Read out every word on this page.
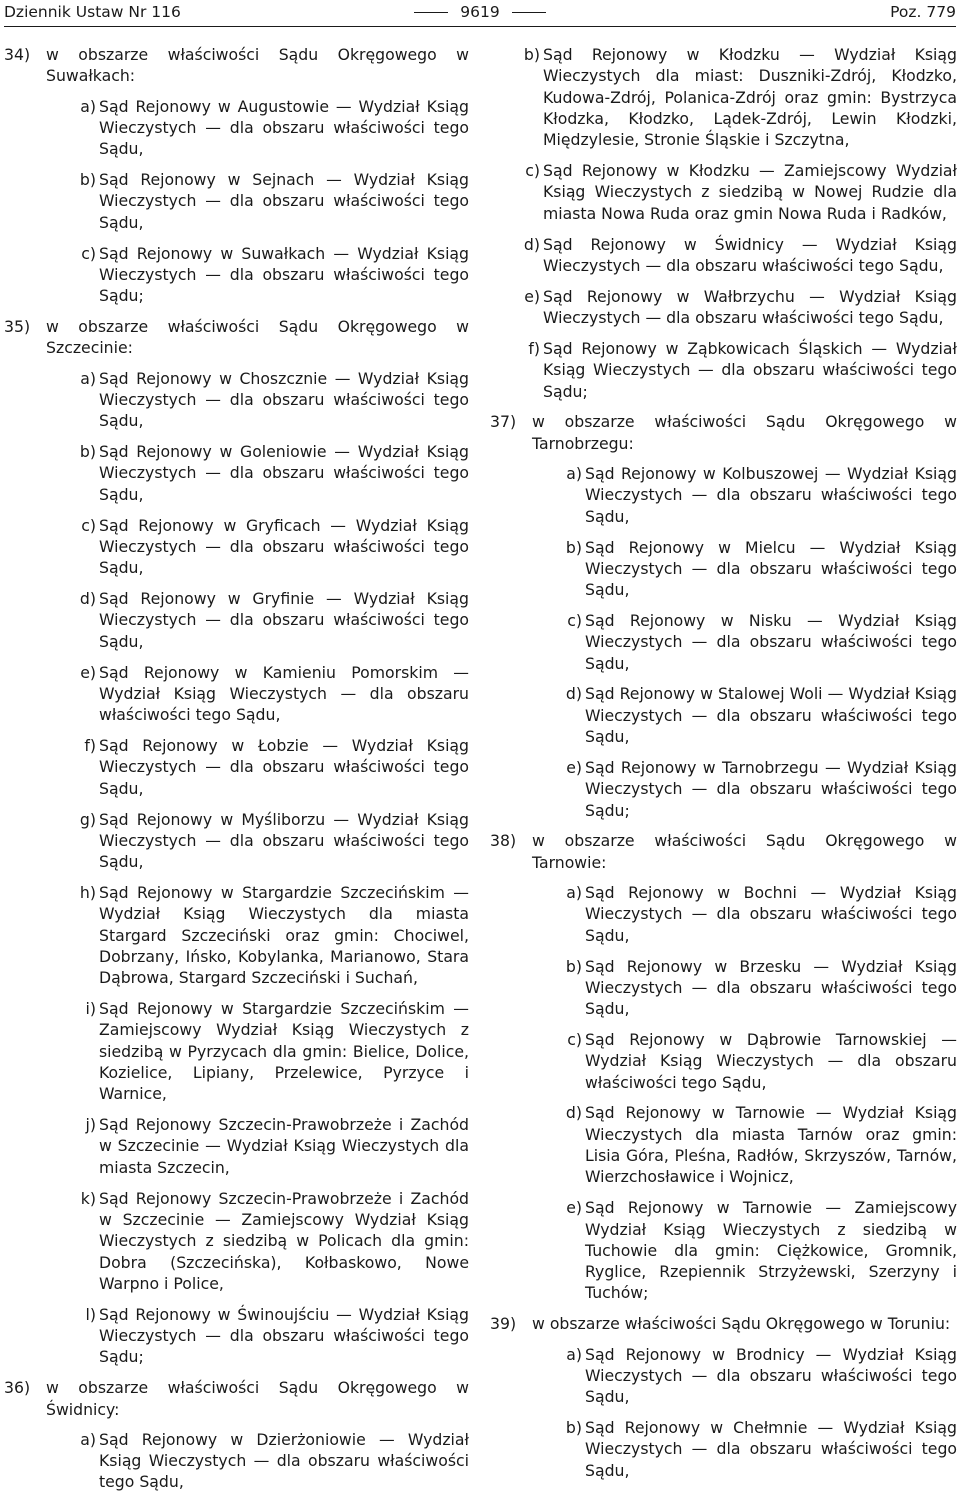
Dziennik Ustaw Nr 116	9619	Poz. 779
34) w obszarze właściwości Sądu Okręgowego w Suwałkach:
a) Sąd Rejonowy w Augustowie — Wydział Ksiąg Wieczystych — dla obszaru właściwości tego Sądu,
b) Sąd Rejonowy w Sejnach — Wydział Ksiąg Wieczystych — dla obszaru właściwości tego Sądu,
c) Sąd Rejonowy w Suwałkach — Wydział Ksiąg Wieczystych — dla obszaru właściwości tego Sądu;
35) w obszarze właściwości Sądu Okręgowego w Szczecinie:
a) Sąd Rejonowy w Choszcznie — Wydział Ksiąg Wieczystych — dla obszaru właściwości tego Sądu,
b) Sąd Rejonowy w Goleniowie — Wydział Ksiąg Wieczystych — dla obszaru właściwości tego Sądu,
c) Sąd Rejonowy w Gryficach — Wydział Ksiąg Wieczystych — dla obszaru właściwości tego Sądu,
d) Sąd Rejonowy w Gryfinie — Wydział Ksiąg Wieczystych — dla obszaru właściwości tego Sądu,
e) Sąd Rejonowy w Kamieniu Pomorskim — Wydział Ksiąg Wieczystych — dla obszaru właściwości tego Sądu,
f) Sąd Rejonowy w Łobzie — Wydział Ksiąg Wieczystych — dla obszaru właściwości tego Sądu,
g) Sąd Rejonowy w Myśliborzu — Wydział Ksiąg Wieczystych — dla obszaru właściwości tego Sądu,
h) Sąd Rejonowy w Stargardzie Szczecińskim — Wydział Ksiąg Wieczystych dla miasta Stargard Szczeciński oraz gmin: Chociwel, Dobrzany, Ińsko, Kobylanka, Marianowo, Stara Dąbrowa, Stargard Szczeciński i Suchań,
i) Sąd Rejonowy w Stargardzie Szczecińskim — Zamiejscowy Wydział Ksiąg Wieczystych z siedzibą w Pyrzycach dla gmin: Bielice, Dolice, Kozielice, Lipiany, Przelewice, Pyrzyce i Warnice,
j) Sąd Rejonowy Szczecin-Prawobrzeże i Zachód w Szczecinie — Wydział Ksiąg Wieczystych dla miasta Szczecin,
k) Sąd Rejonowy Szczecin-Prawobrzeże i Zachód w Szczecinie — Zamiejscowy Wydział Ksiąg Wieczystych z siedzibą w Policach dla gmin: Dobra (Szczecińska), Kołbaskowo, Nowe Warpno i Police,
l) Sąd Rejonowy w Świnoujściu — Wydział Ksiąg Wieczystych — dla obszaru właściwości tego Sądu;
36) w obszarze właściwości Sądu Okręgowego w Świdnicy:
a) Sąd Rejonowy w Dzierżoniowie — Wydział Ksiąg Wieczystych — dla obszaru właściwości tego Sądu,
b) Sąd Rejonowy w Kłodzku — Wydział Ksiąg Wieczystych dla miast: Duszniki-Zdrój, Kłodzko, Kudowa-Zdrój, Polanica-Zdrój oraz gmin: Bystrzyca Kłodzka, Kłodzko, Lądek-Zdrój, Lewin Kłodzki, Międzylesie, Stronie Śląskie i Szczytna,
c) Sąd Rejonowy w Kłodzku — Zamiejscowy Wydział Ksiąg Wieczystych z siedzibą w Nowej Rudzie dla miasta Nowa Ruda oraz gmin Nowa Ruda i Radków,
d) Sąd Rejonowy w Świdnicy — Wydział Ksiąg Wieczystych — dla obszaru właściwości tego Sądu,
e) Sąd Rejonowy w Wałbrzychu — Wydział Ksiąg Wieczystych — dla obszaru właściwości tego Sądu,
f) Sąd Rejonowy w Ząbkowicach Śląskich — Wydział Ksiąg Wieczystych — dla obszaru właściwości tego Sądu;
37) w obszarze właściwości Sądu Okręgowego w Tarnobrzegu:
a) Sąd Rejonowy w Kolbuszowej — Wydział Ksiąg Wieczystych — dla obszaru właściwości tego Sądu,
b) Sąd Rejonowy w Mielcu — Wydział Ksiąg Wieczystych — dla obszaru właściwości tego Sądu,
c) Sąd Rejonowy w Nisku — Wydział Ksiąg Wieczystych — dla obszaru właściwości tego Sądu,
d) Sąd Rejonowy w Stalowej Woli — Wydział Ksiąg Wieczystych — dla obszaru właściwości tego Sądu,
e) Sąd Rejonowy w Tarnobrzegu — Wydział Ksiąg Wieczystych — dla obszaru właściwości tego Sądu;
38) w obszarze właściwości Sądu Okręgowego w Tarnowie:
a) Sąd Rejonowy w Bochni — Wydział Ksiąg Wieczystych — dla obszaru właściwości tego Sądu,
b) Sąd Rejonowy w Brzesku — Wydział Ksiąg Wieczystych — dla obszaru właściwości tego Sądu,
c) Sąd Rejonowy w Dąbrowie Tarnowskiej — Wydział Ksiąg Wieczystych — dla obszaru właściwości tego Sądu,
d) Sąd Rejonowy w Tarnowie — Wydział Ksiąg Wieczystych dla miasta Tarnów oraz gmin: Lisia Góra, Pleśna, Radłów, Skrzyszów, Tarnów, Wierzchosławice i Wojnicz,
e) Sąd Rejonowy w Tarnowie — Zamiejscowy Wydział Ksiąg Wieczystych z siedzibą w Tuchowie dla gmin: Ciężkowice, Gromnik, Ryglice, Rzepiennik Strzyżewski, Szerzyny i Tuchów;
39) w obszarze właściwości Sądu Okręgowego w Toruniu:
a) Sąd Rejonowy w Brodnicy — Wydział Ksiąg Wieczystych — dla obszaru właściwości tego Sądu,
b) Sąd Rejonowy w Chełmnie — Wydział Ksiąg Wieczystych — dla obszaru właściwości tego Sądu,
